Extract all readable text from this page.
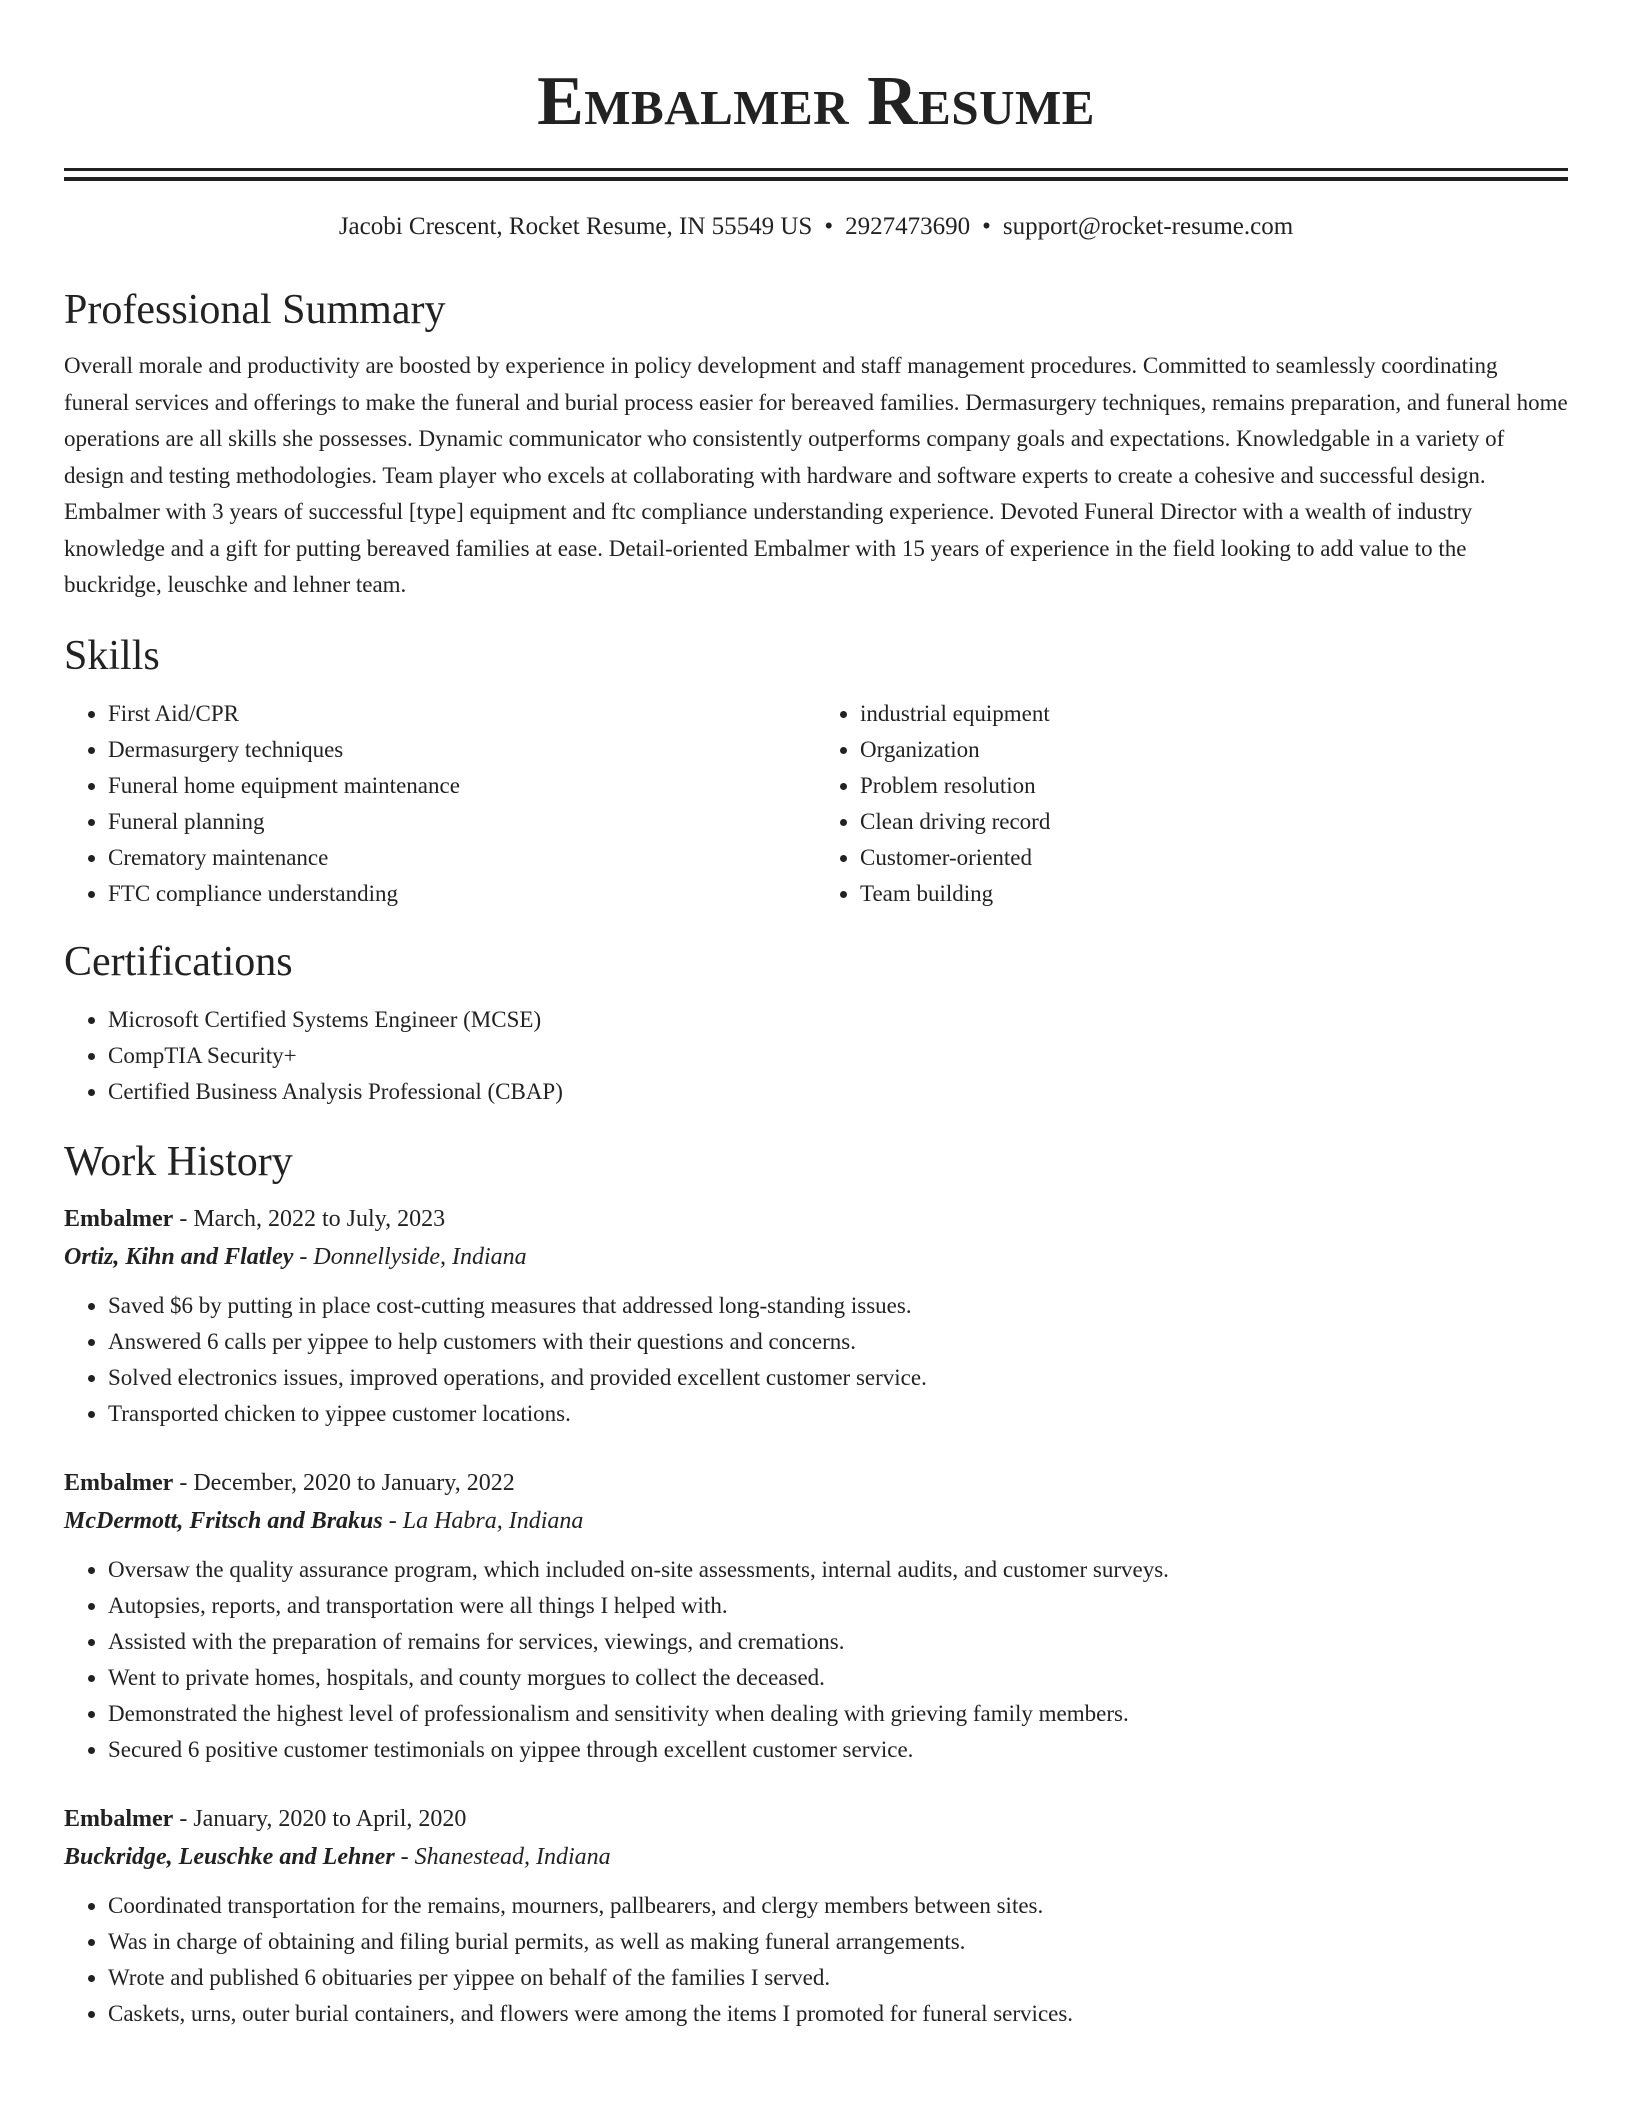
Embalmer Resume
Jacobi Crescent, Rocket Resume, IN 55549 US • 2927473690 • support@rocket-resume.com
Professional Summary

Overall morale and productivity are boosted by experience in policy development and staff management procedures. Committed to seamlessly coordinating funeral services and offerings to make the funeral and burial process easier for bereaved families. Dermasurgery techniques, remains preparation, and funeral home operations are all skills she possesses. Dynamic communicator who consistently outperforms company goals and expectations. Knowledgable in a variety of design and testing methodologies. Team player who excels at collaborating with hardware and software experts to create a cohesive and successful design. Embalmer with 3 years of successful [type] equipment and ftc compliance understanding experience. Devoted Funeral Director with a wealth of industry knowledge and a gift for putting bereaved families at ease. Detail-oriented Embalmer with 15 years of experience in the field looking to add value to the buckridge, leuschke and lehner team.

Skills
• First Aid/CPR
• Dermasurgery techniques
• Funeral home equipment maintenance
• Funeral planning
• Crematory maintenance
• FTC compliance understanding
• industrial equipment
• Organization
• Problem resolution
• Clean driving record
• Customer-oriented
• Team building
Certifications
• Microsoft Certified Systems Engineer (MCSE)
• CompTIA Security+
• Certified Business Analysis Professional (CBAP)
Work History
Embalmer - March, 2022 to July, 2023
Ortiz, Kihn and Flatley - Donnellyside, Indiana
• Saved $6 by putting in place cost-cutting measures that addressed long-standing issues.
• Answered 6 calls per yippee to help customers with their questions and concerns.
• Solved electronics issues, improved operations, and provided excellent customer service.
• Transported chicken to yippee customer locations.
Embalmer - December, 2020 to January, 2022
McDermott, Fritsch and Brakus - La Habra, Indiana
• Oversaw the quality assurance program, which included on-site assessments, internal audits, and customer surveys.
• Autopsies, reports, and transportation were all things I helped with.
• Assisted with the preparation of remains for services, viewings, and cremations.
• Went to private homes, hospitals, and county morgues to collect the deceased.
• Demonstrated the highest level of professionalism and sensitivity when dealing with grieving family members.
• Secured 6 positive customer testimonials on yippee through excellent customer service.
Embalmer - January, 2020 to April, 2020
Buckridge, Leuschke and Lehner - Shanestead, Indiana
• Coordinated transportation for the remains, mourners, pallbearers, and clergy members between sites.
• Was in charge of obtaining and filing burial permits, as well as making funeral arrangements.
• Wrote and published 6 obituaries per yippee on behalf of the families I served.
• Caskets, urns, outer burial containers, and flowers were among the items I promoted for funeral services.
